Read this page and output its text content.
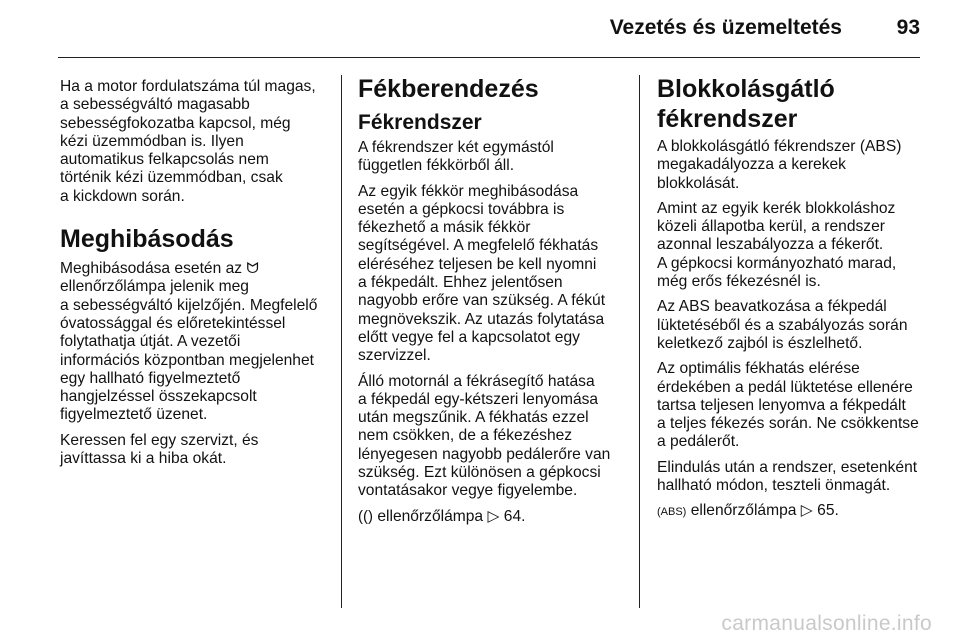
Vezetés és üzemeltetés	93

Ha a motor fordulatszáma túl magas,
a sebességváltó magasabb
sebességfokozatba kapcsol, még
kézi üzemmódban is. Ilyen
automatikus felkapcsolás nem
történik kézi üzemmódban, csak
a kickdown során.

Meghibásodás

Meghibásodása esetén az ᗢ
ellenőrzőlámpa jelenik meg
a sebességváltó kijelzőjén. Megfelelő
óvatossággal és előretekintéssel
folytathatja útját. A vezetői
információs központban megjelenhet
egy hallható figyelmeztető
hangjelzéssel összekapcsolt
figyelmeztető üzenet.

Keressen fel egy szervizt, és
javíttassa ki a hiba okát.

Fékberendezés
Fékrendszer

A fékrendszer két egymástól
független fékkörből áll.

Az egyik fékkör meghibásodása
esetén a gépkocsi továbbra is
fékezhető a másik fékkör
segítségével. A megfelelő fékhatás
eléréséhez teljesen be kell nyomni
a fékpedált. Ehhez jelentősen
nagyobb erőre van szükség. A fékút
megnövekszik. Az utazás folytatása
előtt vegye fel a kapcsolatot egy
szervizzel.

Álló motornál a fékrásegítő hatása
a fékpedál egy-kétszeri lenyomása
után megszűnik. A fékhatás ezzel
nem csökken, de a fékezéshez
lényegesen nagyobb pedálerőre van
szükség. Ezt különösen a gépkocsi
vontatásakor vegye figyelembe.

(() ellenőrzőlámpa ▷ 64.

Blokkolásgátló
fékrendszer

A blokkolásgátló fékrendszer (ABS)
megakadályozza a kerekek
blokkolását.

Amint az egyik kerék blokkoláshoz
közeli állapotba kerül, a rendszer
azonnal leszabályozza a fékerőt.
A gépkocsi kormányozható marad,
még erős fékezésnél is.

Az ABS beavatkozása a fékpedál
lüktetéséből és a szabályozás során
keletkező zajból is észlelhető.

Az optimális fékhatás elérése
érdekében a pedál lüktetése ellenére
tartsa teljesen lenyomva a fékpedált
a teljes fékezés során. Ne csökkentse
a pedálerőt.

Elindulás után a rendszer, esetenként
hallható módon, teszteli önmagát.

(ABS) ellenőrzőlámpa ▷ 65.

carmanualsonline.info
